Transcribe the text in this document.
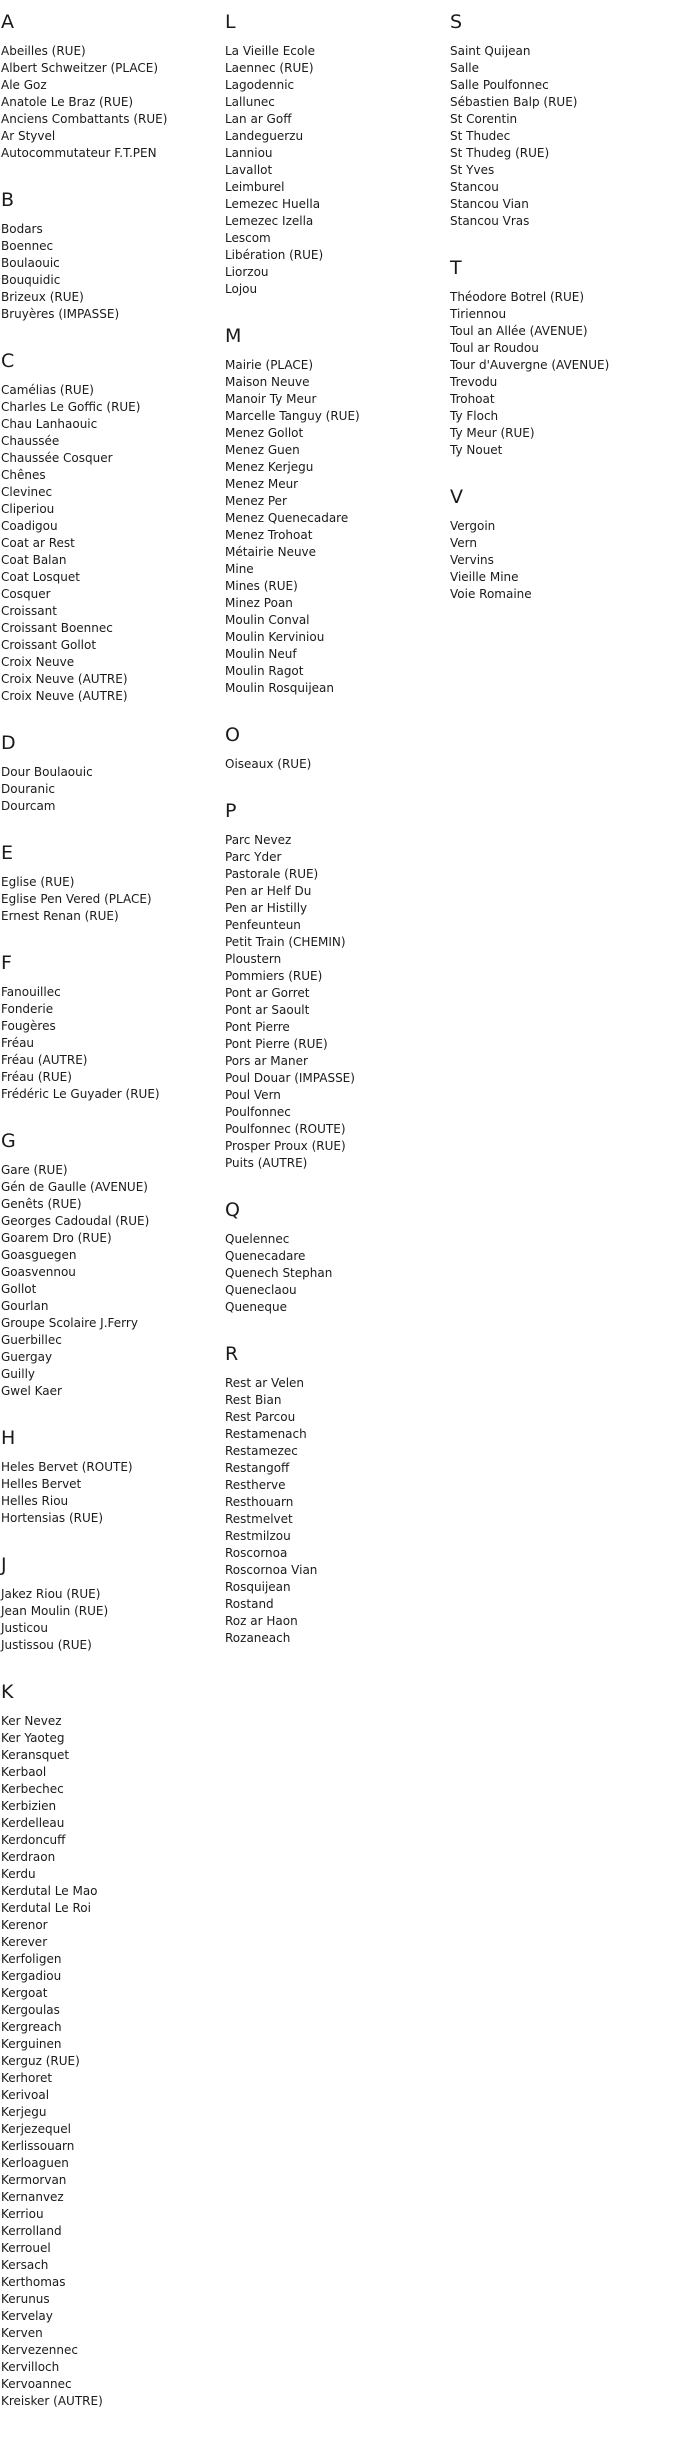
A
Abeilles (RUE)
Albert Schweitzer (PLACE)
Ale Goz
Anatole Le Braz (RUE)
Anciens Combattants (RUE)
Ar Styvel
Autocommutateur F.T.PEN
B
Bodars
Boennec
Boulaouic
Bouquidic
Brizeux (RUE)
Bruyères (IMPASSE)
C
Camélias (RUE)
Charles Le Goffic (RUE)
Chau Lanhaouic
Chaussée
Chaussée Cosquer
Chênes
Clevinec
Cliperiou
Coadigou
Coat ar Rest
Coat Balan
Coat Losquet
Cosquer
Croissant
Croissant Boennec
Croissant Gollot
Croix Neuve
Croix Neuve (AUTRE)
Croix Neuve (AUTRE)
D
Dour Boulaouic
Douranic
Dourcam
E
Eglise (RUE)
Eglise Pen Vered (PLACE)
Ernest Renan (RUE)
F
Fanouillec
Fonderie
Fougères
Fréau
Fréau (AUTRE)
Fréau (RUE)
Frédéric Le Guyader (RUE)
G
Gare (RUE)
Gén de Gaulle (AVENUE)
Genêts (RUE)
Georges Cadoudal (RUE)
Goarem Dro (RUE)
Goasguegen
Goasvennou
Gollot
Gourlan
Groupe Scolaire J.Ferry
Guerbillec
Guergay
Guilly
Gwel Kaer
H
Heles Bervet (ROUTE)
Helles Bervet
Helles Riou
Hortensias (RUE)
J
Jakez Riou (RUE)
Jean Moulin (RUE)
Justicou
Justissou (RUE)
K
Ker Nevez
Ker Yaoteg
Keransquet
Kerbaol
Kerbechec
Kerbizien
Kerdelleau
Kerdoncuff
Kerdraon
Kerdu
Kerdutal Le Mao
Kerdutal Le Roi
Kerenor
Kerever
Kerfoligen
Kergadiou
Kergoat
Kergoulas
Kergreach
Kerguinen
Kerguz (RUE)
Kerhoret
Kerivoal
Kerjegu
Kerjezequel
Kerlissouarn
Kerloaguen
Kermorvan
Kernanvez
Kerriou
Kerrolland
Kerrouel
Kersach
Kerthomas
Kerunus
Kervelay
Kerven
Kervezennec
Kervilloch
Kervoannec
Kreisker (AUTRE)
L
La Vieille Ecole
Laennec (RUE)
Lagodennic
Lallunec
Lan ar Goff
Landeguerzu
Lanniou
Lavallot
Leimburel
Lemezec Huella
Lemezec Izella
Lescom
Libération (RUE)
Liorzou
Lojou
M
Mairie (PLACE)
Maison Neuve
Manoir Ty Meur
Marcelle Tanguy (RUE)
Menez Gollot
Menez Guen
Menez Kerjegu
Menez Meur
Menez Per
Menez Quenecadare
Menez Trohoat
Métairie Neuve
Mine
Mines (RUE)
Minez Poan
Moulin Conval
Moulin Kerviniou
Moulin Neuf
Moulin Ragot
Moulin Rosquijean
O
Oiseaux (RUE)
P
Parc Nevez
Parc Yder
Pastorale (RUE)
Pen ar Helf Du
Pen ar Histilly
Penfeunteun
Petit Train (CHEMIN)
Ploustern
Pommiers (RUE)
Pont ar Gorret
Pont ar Saoult
Pont Pierre
Pont Pierre (RUE)
Pors ar Maner
Poul Douar (IMPASSE)
Poul Vern
Poulfonnec
Poulfonnec (ROUTE)
Prosper Proux (RUE)
Puits (AUTRE)
Q
Quelennec
Quenecadare
Quenech Stephan
Queneclaou
Queneque
R
Rest ar Velen
Rest Bian
Rest Parcou
Restamenach
Restamezec
Restangoff
Restherve
Resthouarn
Restmelvet
Restmilzou
Roscornoa
Roscornoa Vian
Rosquijean
Rostand
Roz ar Haon
Rozaneach
S
Saint Quijean
Salle
Salle Poulfonnec
Sébastien Balp (RUE)
St Corentin
St Thudec
St Thudeg (RUE)
St Yves
Stancou
Stancou Vian
Stancou Vras
T
Théodore Botrel (RUE)
Tiriennou
Toul an Allée (AVENUE)
Toul ar Roudou
Tour d'Auvergne (AVENUE)
Trevodu
Trohoat
Ty Floch
Ty Meur (RUE)
Ty Nouet
V
Vergoin
Vern
Vervins
Vieille Mine
Voie Romaine
